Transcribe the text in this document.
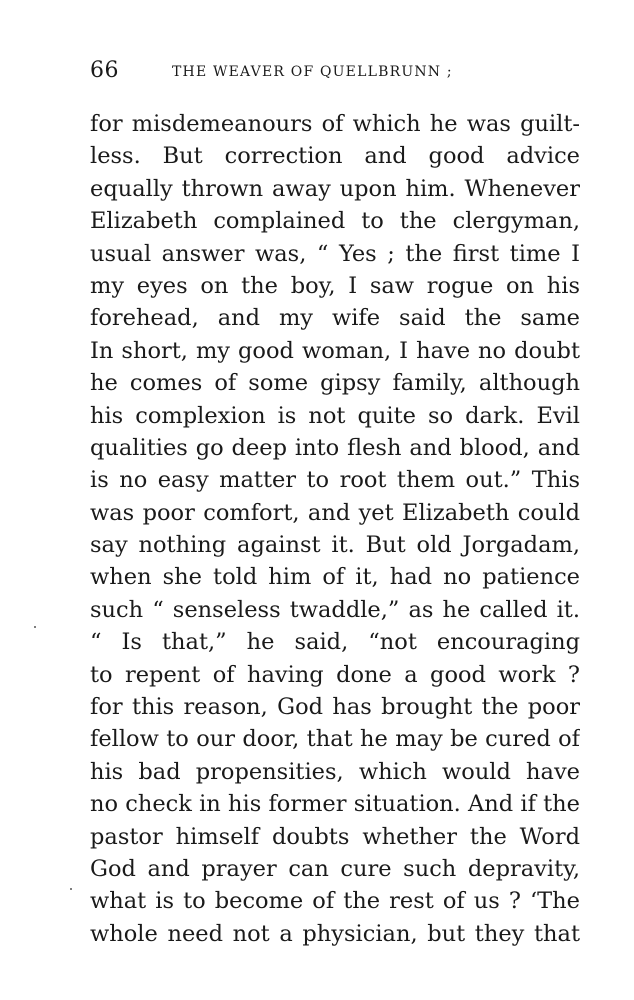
66	THE WEAVER OF QUELLBRUNN ;
for misdemeanours of which he was guilt-
less. But correction and good advice
equally thrown away upon him. Whenever
Elizabeth complained to the clergyman,
usual answer was, “ Yes ; the first time I
my eyes on the boy, I saw rogue on his
forehead, and my wife said the same
In short, my good woman, I have no doubt
he comes of some gipsy family, although
his complexion is not quite so dark. Evil
qualities go deep into flesh and blood, and
is no easy matter to root them out.” This
was poor comfort, and yet Elizabeth could
say nothing against it. But old Jorgadam,
when she told him of it, had no patience
such “ senseless twaddle,” as he called it.
“ Is that,” he said, “not encouraging
to repent of having done a good work ?
for this reason, God has brought the poor
fellow to our door, that he may be cured of
his bad propensities, which would have
no check in his former situation. And if the
pastor himself doubts whether the Word
God and prayer can cure such depravity,
what is to become of the rest of us ? ‘The
whole need not a physician, but they that
